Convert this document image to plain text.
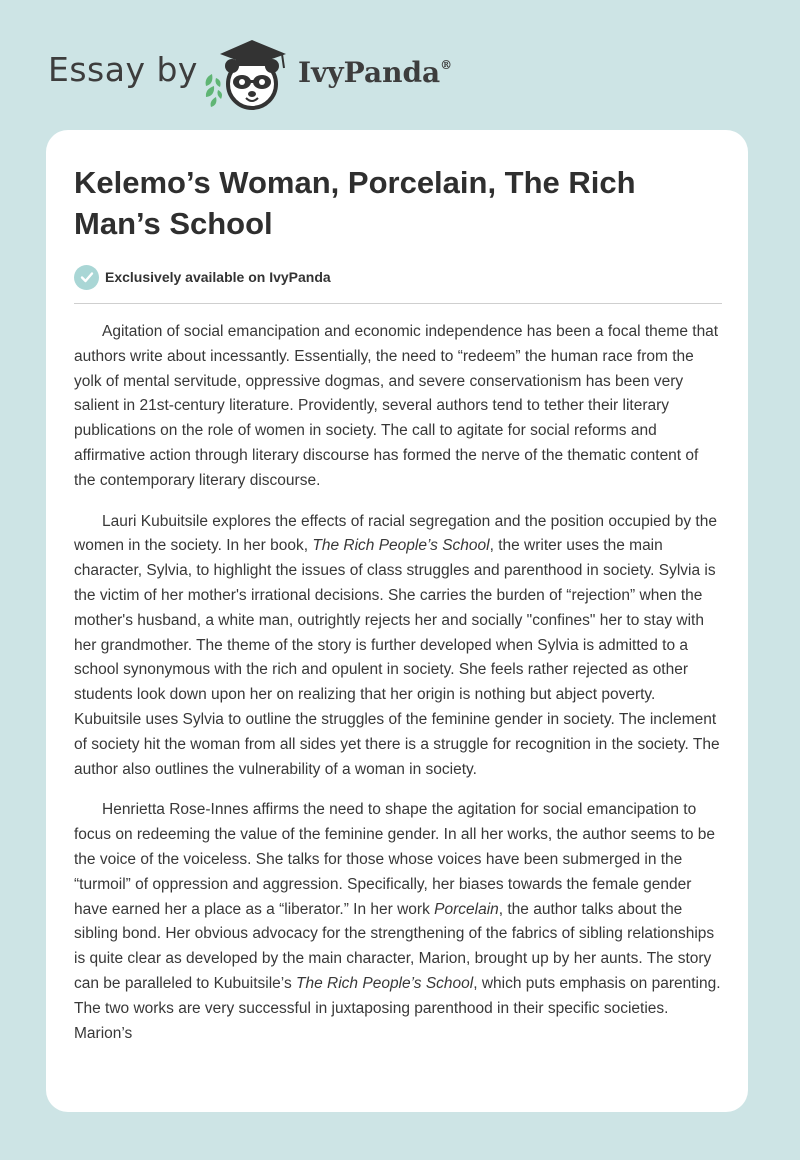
Essay by	IvyPanda®
Kelemo’s Woman, Porcelain, The Rich Man’s School
Exclusively available on IvyPanda

Agitation of social emancipation and economic independence has been a focal theme that authors write about incessantly. Essentially, the need to “redeem” the human race from the yolk of mental servitude, oppressive dogmas, and severe conservationism has been very salient in 21st-century literature. Providently, several authors tend to tether their literary publications on the role of women in society. The call to agitate for social reforms and affirmative action through literary discourse has formed the nerve of the thematic content of the contemporary literary discourse.

Lauri Kubuitsile explores the effects of racial segregation and the position occupied by the women in the society. In her book, The Rich People’s School, the writer uses the main character, Sylvia, to highlight the issues of class struggles and parenthood in society. Sylvia is the victim of her mother's irrational decisions. She carries the burden of “rejection” when the mother's husband, a white man, outrightly rejects her and socially "confines" her to stay with her grandmother. The theme of the story is further developed when Sylvia is admitted to a school synonymous with the rich and opulent in society. She feels rather rejected as other students look down upon her on realizing that her origin is nothing but abject poverty. Kubuitsile uses Sylvia to outline the struggles of the feminine gender in society. The inclement of society hit the woman from all sides yet there is a struggle for recognition in the society. The author also outlines the vulnerability of a woman in society.

Henrietta Rose-Innes affirms the need to shape the agitation for social emancipation to focus on redeeming the value of the feminine gender. In all her works, the author seems to be the voice of the voiceless. She talks for those whose voices have been submerged in the “turmoil” of oppression and aggression. Specifically, her biases towards the female gender have earned her a place as a “liberator.” In her work Porcelain, the author talks about the sibling bond. Her obvious advocacy for the strengthening of the fabrics of sibling relationships is quite clear as developed by the main character, Marion, brought up by her aunts. The story can be paralleled to Kubuitsile’s The Rich People’s School, which puts emphasis on parenting. The two works are very successful in juxtaposing parenthood in their specific societies. Marion’s
